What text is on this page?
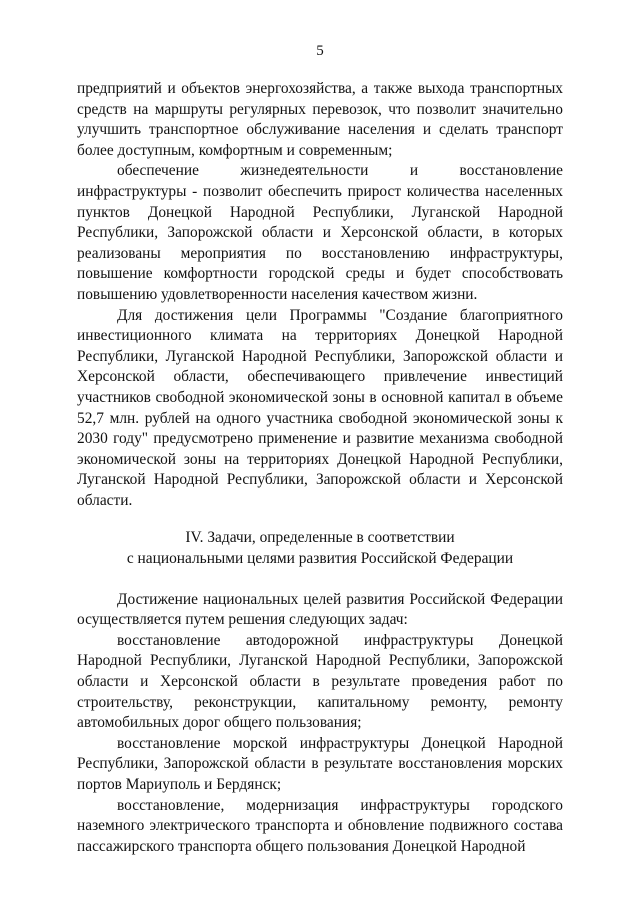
5

предприятий и объектов энергохозяйства, а также выхода транспортных средств на маршруты регулярных перевозок, что позволит значительно улучшить транспортное обслуживание населения и сделать транспорт более доступным, комфортным и современным;

обеспечение жизнедеятельности и восстановление инфраструктуры - позволит обеспечить прирост количества населенных пунктов Донецкой Народной Республики, Луганской Народной Республики, Запорожской области и Херсонской области, в которых реализованы мероприятия по восстановлению инфраструктуры, повышение комфортности городской среды и будет способствовать повышению удовлетворенности населения качеством жизни.

Для достижения цели Программы "Создание благоприятного инвестиционного климата на территориях Донецкой Народной Республики, Луганской Народной Республики, Запорожской области и Херсонской области, обеспечивающего привлечение инвестиций участников свободной экономической зоны в основной капитал в объеме 52,7 млн. рублей на одного участника свободной экономической зоны к 2030 году" предусмотрено применение и развитие механизма свободной экономической зоны на территориях Донецкой Народной Республики, Луганской Народной Республики, Запорожской области и Херсонской области.

IV. Задачи, определенные в соответствии
с национальными целями развития Российской Федерации

Достижение национальных целей развития Российской Федерации осуществляется путем решения следующих задач:

восстановление автодорожной инфраструктуры Донецкой Народной Республики, Луганской Народной Республики, Запорожской области и Херсонской области в результате проведения работ по строительству, реконструкции, капитальному ремонту, ремонту автомобильных дорог общего пользования;

восстановление морской инфраструктуры Донецкой Народной Республики, Запорожской области в результате восстановления морских портов Мариуполь и Бердянск;

восстановление, модернизация инфраструктуры городского наземного электрического транспорта и обновление подвижного состава пассажирского транспорта общего пользования Донецкой Народной
